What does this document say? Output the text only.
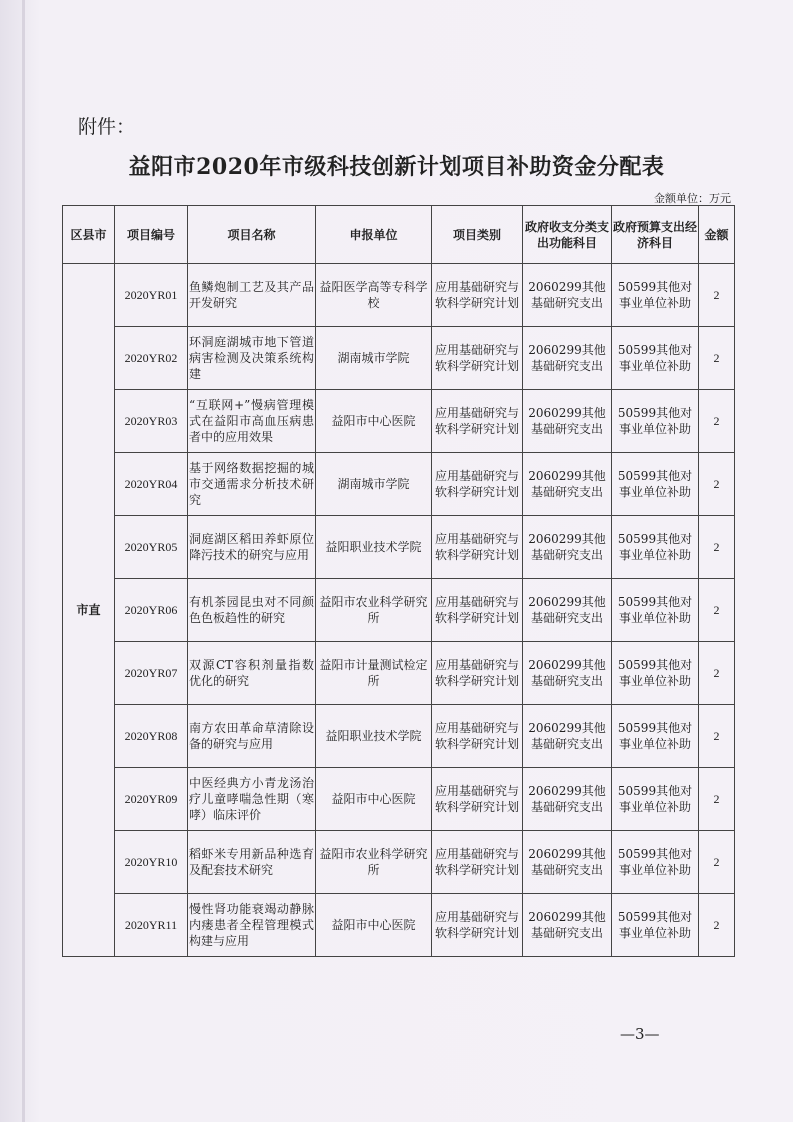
附件：
益阳市2020年市级科技创新计划项目补助资金分配表
金额单位：万元
区县市	项目编号	项目名称	申报单位	项目类别	政府收支分类支出功能科目	政府预算支出经济科目	金额
市直	2020YR01	鱼鳞炮制工艺及其产品开发研究	益阳医学高等专科学校	应用基础研究与软科学研究计划	2060299其他基础研究支出	50599其他对事业单位补助	2
	2020YR02	环洞庭湖城市地下管道病害检测及决策系统构建	湖南城市学院	应用基础研究与软科学研究计划	2060299其他基础研究支出	50599其他对事业单位补助	2
	2020YR03	“互联网+”慢病管理模式在益阳市高血压病患者中的应用效果	益阳市中心医院	应用基础研究与软科学研究计划	2060299其他基础研究支出	50599其他对事业单位补助	2
	2020YR04	基于网络数据挖掘的城市交通需求分析技术研究	湖南城市学院	应用基础研究与软科学研究计划	2060299其他基础研究支出	50599其他对事业单位补助	2
	2020YR05	洞庭湖区稻田养虾原位降污技术的研究与应用	益阳职业技术学院	应用基础研究与软科学研究计划	2060299其他基础研究支出	50599其他对事业单位补助	2
	2020YR06	有机茶园昆虫对不同颜色色板趋性的研究	益阳市农业科学研究所	应用基础研究与软科学研究计划	2060299其他基础研究支出	50599其他对事业单位补助	2
	2020YR07	双源CT容积剂量指数优化的研究	益阳市计量测试检定所	应用基础研究与软科学研究计划	2060299其他基础研究支出	50599其他对事业单位补助	2
	2020YR08	南方农田革命草清除设备的研究与应用	益阳职业技术学院	应用基础研究与软科学研究计划	2060299其他基础研究支出	50599其他对事业单位补助	2
	2020YR09	中医经典方小青龙汤治疗儿童哮喘急性期（寒哮）临床评价	益阳市中心医院	应用基础研究与软科学研究计划	2060299其他基础研究支出	50599其他对事业单位补助	2
	2020YR10	稻虾米专用新品种选育及配套技术研究	益阳市农业科学研究所	应用基础研究与软科学研究计划	2060299其他基础研究支出	50599其他对事业单位补助	2
	2020YR11	慢性肾功能衰竭动静脉内瘘患者全程管理模式构建与应用	益阳市中心医院	应用基础研究与软科学研究计划	2060299其他基础研究支出	50599其他对事业单位补助	2
—3—
